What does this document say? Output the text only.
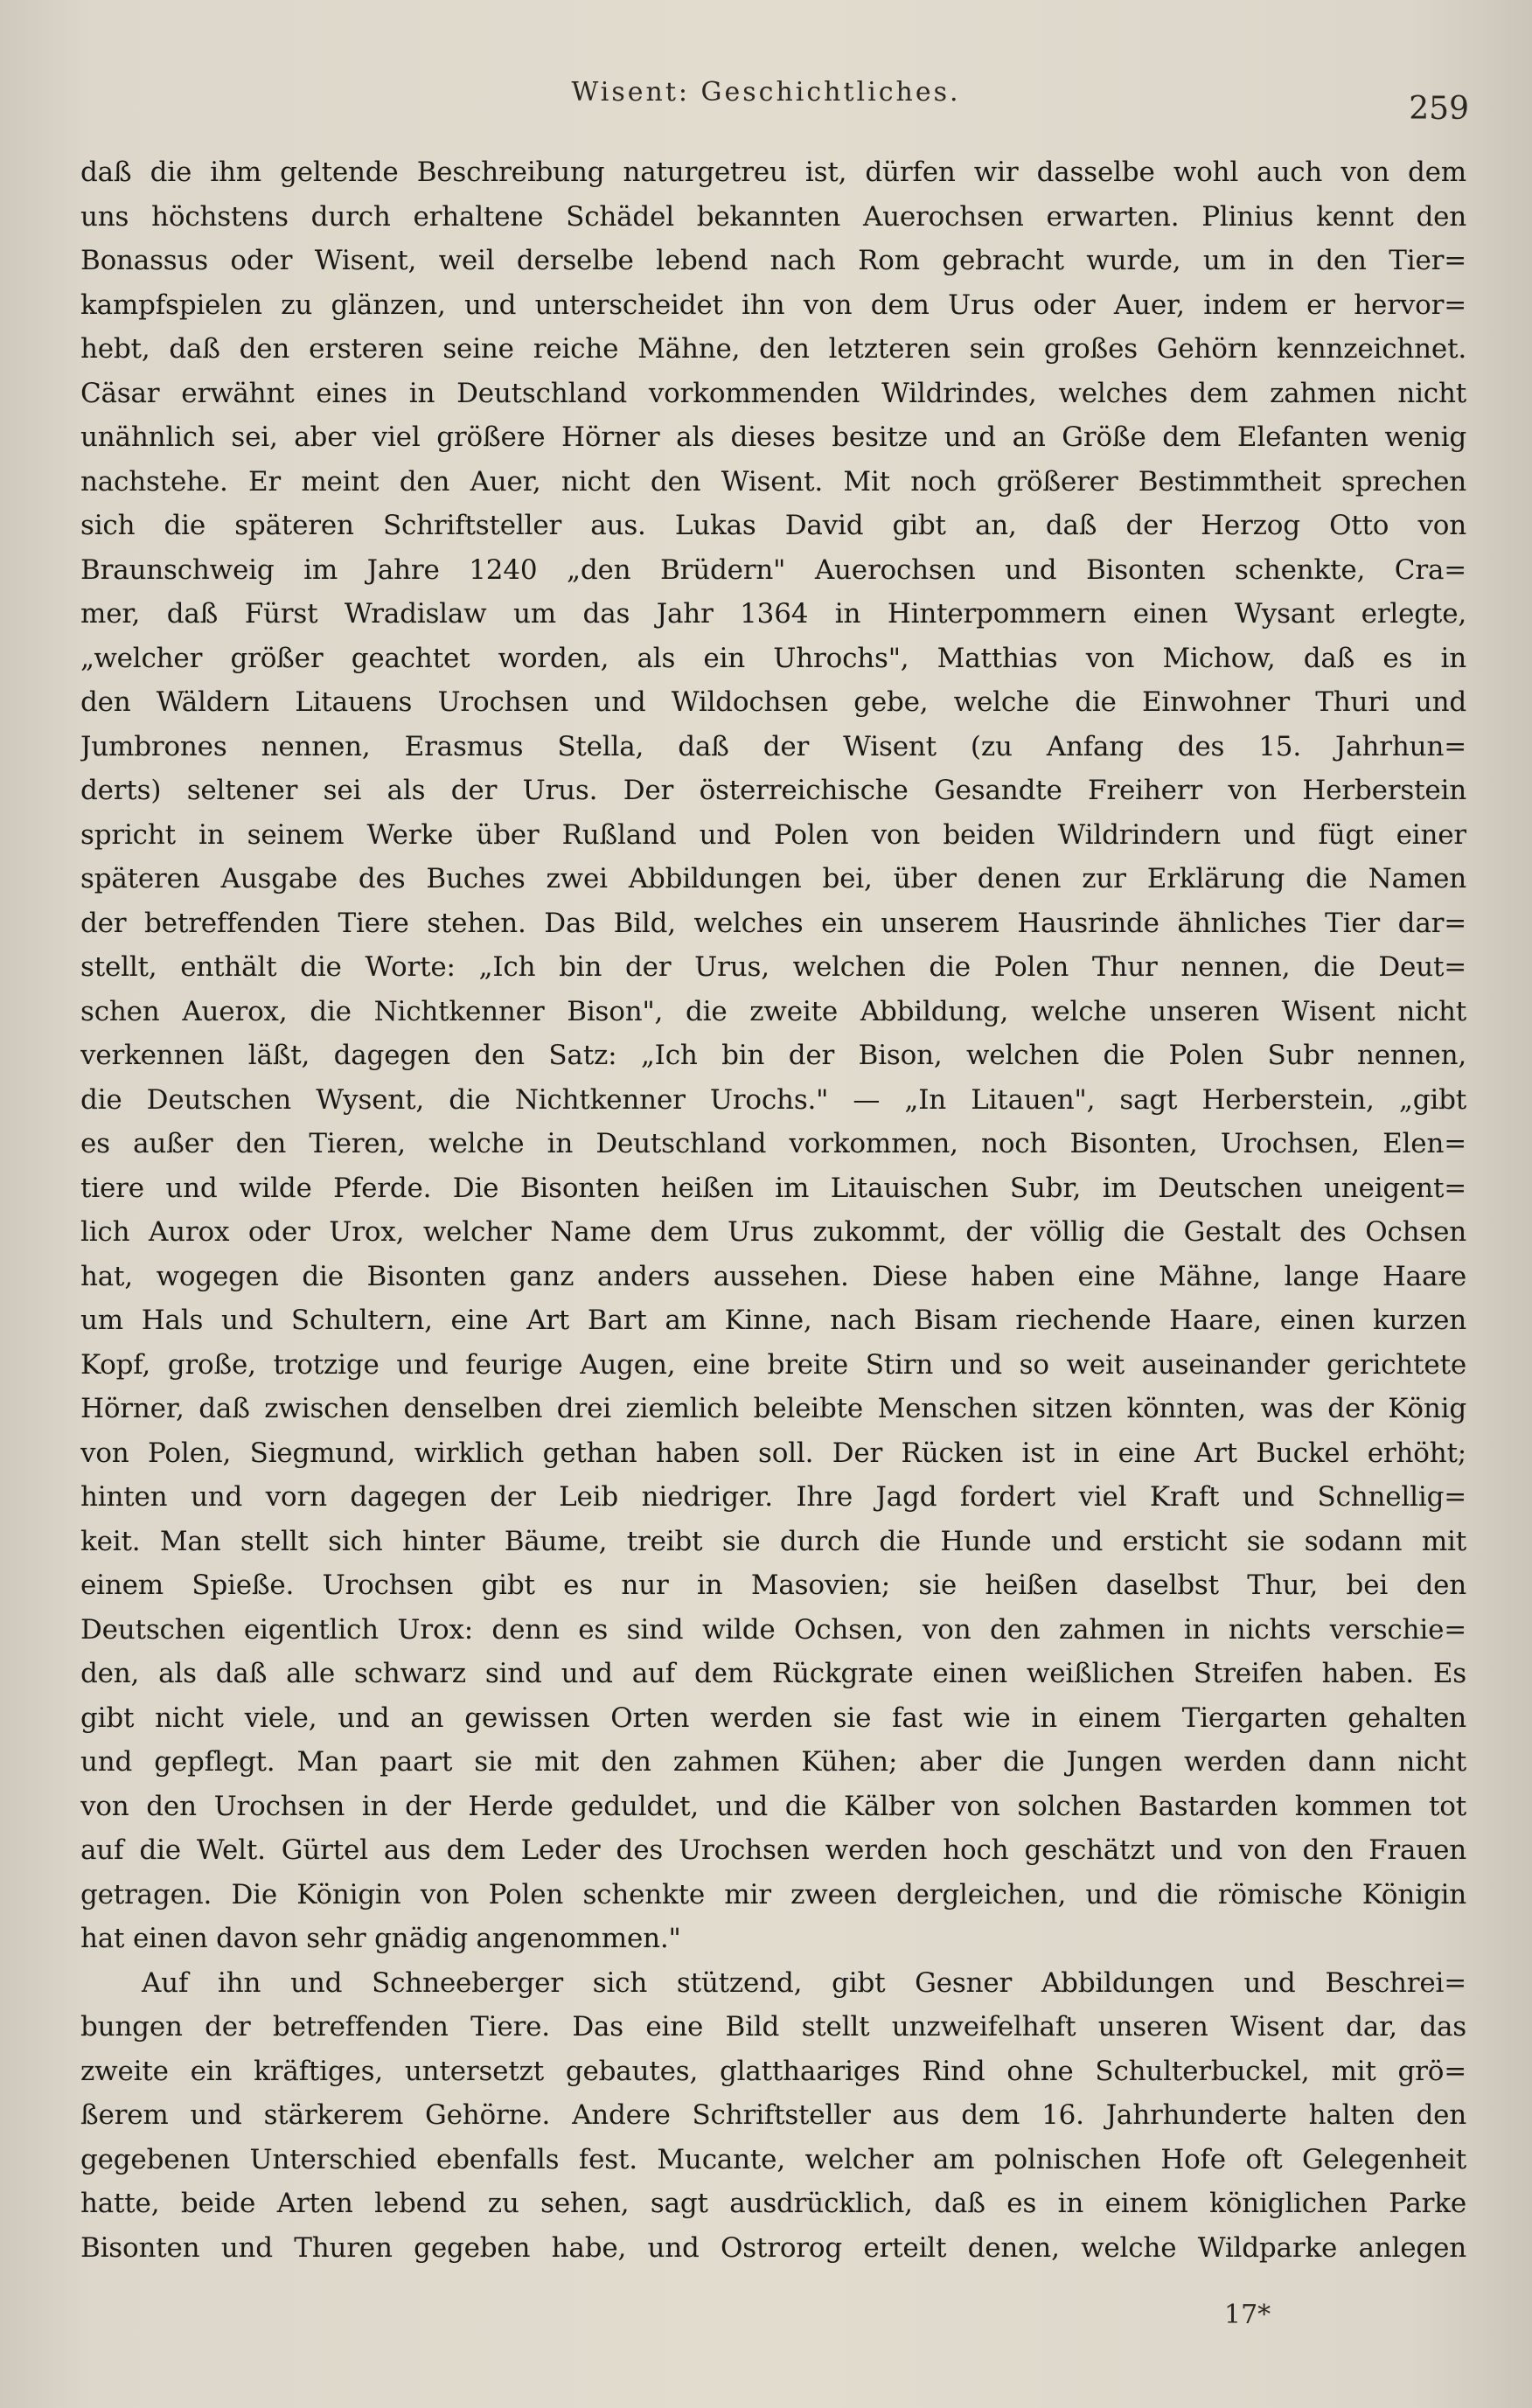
Wisent: Geschichtliches.	259
daß die ihm geltende Beschreibung naturgetreu ist, dürfen wir dasselbe wohl auch von dem
uns höchstens durch erhaltene Schädel bekannten Auerochsen erwarten. Plinius kennt den
Bonassus oder Wisent, weil derselbe lebend nach Rom gebracht wurde, um in den Tier=
kampfspielen zu glänzen, und unterscheidet ihn von dem Urus oder Auer, indem er hervor=
hebt, daß den ersteren seine reiche Mähne, den letzteren sein großes Gehörn kennzeichnet.
Cäsar erwähnt eines in Deutschland vorkommenden Wildrindes, welches dem zahmen nicht
unähnlich sei, aber viel größere Hörner als dieses besitze und an Größe dem Elefanten wenig
nachstehe. Er meint den Auer, nicht den Wisent. Mit noch größerer Bestimmtheit sprechen
sich die späteren Schriftsteller aus. Lukas David gibt an, daß der Herzog Otto von
Braunschweig im Jahre 1240 „den Brüdern" Auerochsen und Bisonten schenkte, Cra=
mer, daß Fürst Wradislaw um das Jahr 1364 in Hinterpommern einen Wysant erlegte,
„welcher größer geachtet worden, als ein Uhrochs", Matthias von Michow, daß es in
den Wäldern Litauens Urochsen und Wildochsen gebe, welche die Einwohner Thuri und
Jumbrones nennen, Erasmus Stella, daß der Wisent (zu Anfang des 15. Jahrhun=
derts) seltener sei als der Urus. Der österreichische Gesandte Freiherr von Herberstein
spricht in seinem Werke über Rußland und Polen von beiden Wildrindern und fügt einer
späteren Ausgabe des Buches zwei Abbildungen bei, über denen zur Erklärung die Namen
der betreffenden Tiere stehen. Das Bild, welches ein unserem Hausrinde ähnliches Tier dar=
stellt, enthält die Worte: „Ich bin der Urus, welchen die Polen Thur nennen, die Deut=
schen Auerox, die Nichtkenner Bison", die zweite Abbildung, welche unseren Wisent nicht
verkennen läßt, dagegen den Satz: „Ich bin der Bison, welchen die Polen Subr nennen,
die Deutschen Wysent, die Nichtkenner Urochs." — „In Litauen", sagt Herberstein, „gibt
es außer den Tieren, welche in Deutschland vorkommen, noch Bisonten, Urochsen, Elen=
tiere und wilde Pferde. Die Bisonten heißen im Litauischen Subr, im Deutschen uneigent=
lich Aurox oder Urox, welcher Name dem Urus zukommt, der völlig die Gestalt des Ochsen
hat, wogegen die Bisonten ganz anders aussehen. Diese haben eine Mähne, lange Haare
um Hals und Schultern, eine Art Bart am Kinne, nach Bisam riechende Haare, einen kurzen
Kopf, große, trotzige und feurige Augen, eine breite Stirn und so weit auseinander gerichtete
Hörner, daß zwischen denselben drei ziemlich beleibte Menschen sitzen könnten, was der König
von Polen, Siegmund, wirklich gethan haben soll. Der Rücken ist in eine Art Buckel erhöht;
hinten und vorn dagegen der Leib niedriger. Ihre Jagd fordert viel Kraft und Schnellig=
keit. Man stellt sich hinter Bäume, treibt sie durch die Hunde und ersticht sie sodann mit
einem Spieße. Urochsen gibt es nur in Masovien; sie heißen daselbst Thur, bei den
Deutschen eigentlich Urox: denn es sind wilde Ochsen, von den zahmen in nichts verschie=
den, als daß alle schwarz sind und auf dem Rückgrate einen weißlichen Streifen haben. Es
gibt nicht viele, und an gewissen Orten werden sie fast wie in einem Tiergarten gehalten
und gepflegt. Man paart sie mit den zahmen Kühen; aber die Jungen werden dann nicht
von den Urochsen in der Herde geduldet, und die Kälber von solchen Bastarden kommen tot
auf die Welt. Gürtel aus dem Leder des Urochsen werden hoch geschätzt und von den Frauen
getragen. Die Königin von Polen schenkte mir zween dergleichen, und die römische Königin
hat einen davon sehr gnädig angenommen."
Auf ihn und Schneeberger sich stützend, gibt Gesner Abbildungen und Beschrei=
bungen der betreffenden Tiere. Das eine Bild stellt unzweifelhaft unseren Wisent dar, das
zweite ein kräftiges, untersetzt gebautes, glatthaariges Rind ohne Schulterbuckel, mit grö=
ßerem und stärkerem Gehörne. Andere Schriftsteller aus dem 16. Jahrhunderte halten den
gegebenen Unterschied ebenfalls fest. Mucante, welcher am polnischen Hofe oft Gelegenheit
hatte, beide Arten lebend zu sehen, sagt ausdrücklich, daß es in einem königlichen Parke
Bisonten und Thuren gegeben habe, und Ostrorog erteilt denen, welche Wildparke anlegen
17*
